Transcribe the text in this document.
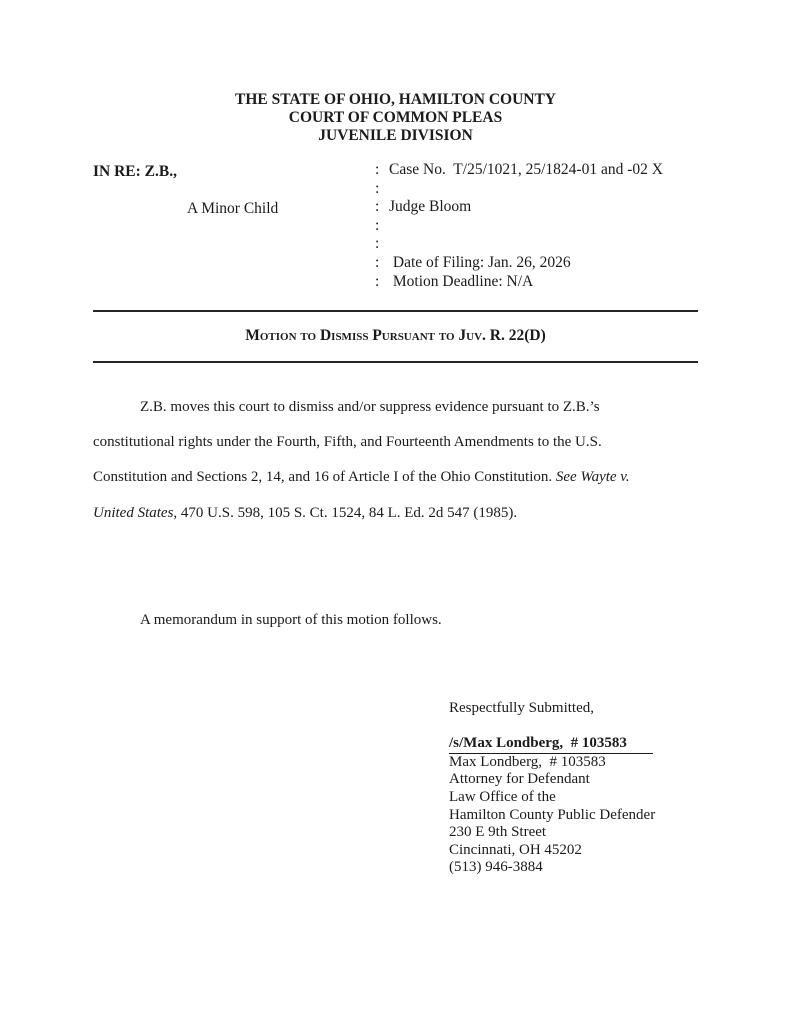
THE STATE OF OHIO, HAMILTON COUNTY
COURT OF COMMON PLEAS
JUVENILE DIVISION
IN RE: Z.B.,
A Minor Child
: Case No.  T/25/1021, 25/1824-01 and -02 X
:
: Judge Bloom
:
:
: Date of Filing: Jan. 26, 2026
: Motion Deadline: N/A
Motion to Dismiss Pursuant to Juv. R. 22(D)
Z.B. moves this court to dismiss and/or suppress evidence pursuant to Z.B.’s
constitutional rights under the Fourth, Fifth, and Fourteenth Amendments to the U.S.
Constitution and Sections 2, 14, and 16 of Article I of the Ohio Constitution. See Wayte v.
United States, 470 U.S. 598, 105 S. Ct. 1524, 84 L. Ed. 2d 547 (1985).
A memorandum in support of this motion follows.
Respectfully Submitted,
/s/Max Londberg,  # 103583
Max Londberg,  # 103583
Attorney for Defendant
Law Office of the
Hamilton County Public Defender
230 E 9th Street
Cincinnati, OH 45202
(513) 946-3884
